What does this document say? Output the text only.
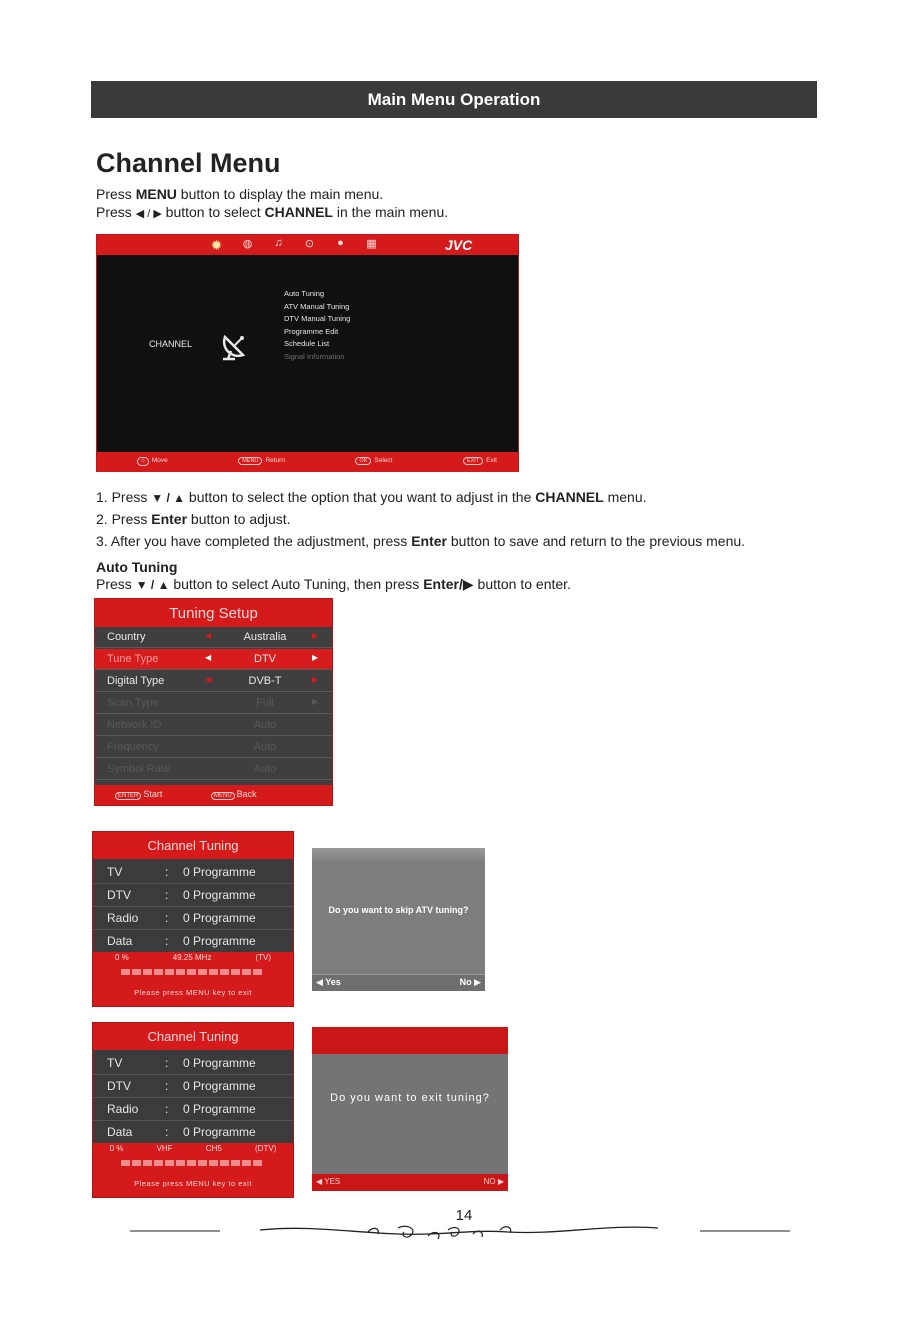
Main Menu Operation
Channel Menu
Press MENU button to display the main menu.
Press ◀ / ▶ button to select CHANNEL in the main menu.
✹	◍	♫	⊙	●	▦	JVC
CHANNEL
Auto Tuning
ATV Manual Tuning
DTV Manual Tuning
Programme Edit
Schedule List
Signal Information
⬦ Move	MENU Return	OK Select	EXIT Exit
1. Press ▼ / ▲ button to select the option that you want to adjust in the CHANNEL menu.
2. Press Enter button to adjust.
3. After you have completed the adjustment, press Enter button to save and return to the previous menu.
Auto Tuning
Press ▼ / ▲ button to select Auto Tuning, then press Enter/▶ button to enter.
Tuning Setup
Country	◀	Australia	▶
Tune Type	◀	DTV	▶
Digital Type	◀	DVB-T	▶
Scan Type	Full	▶
Network ID	Auto
Frequency	Auto
Symbol Rate	Auto
ENTER Start	MENU Back
Channel Tuning
TV	: 0 Programme
DTV	: 0 Programme
Radio : 0 Programme
Data	: 0 Programme
0 %	49.25 MHz	(TV)
Please press MENU key to exit
Do you want to skip ATV tuning?
◀ Yes	No ▶
Channel Tuning
TV	: 0 Programme
DTV	: 0 Programme
Radio : 0 Programme
Data	: 0 Programme
0 %	VHF	CH5	(DTV)
Please press MENU key to exit
Do you want to exit tuning?
◀ YES	NO ▶
14
